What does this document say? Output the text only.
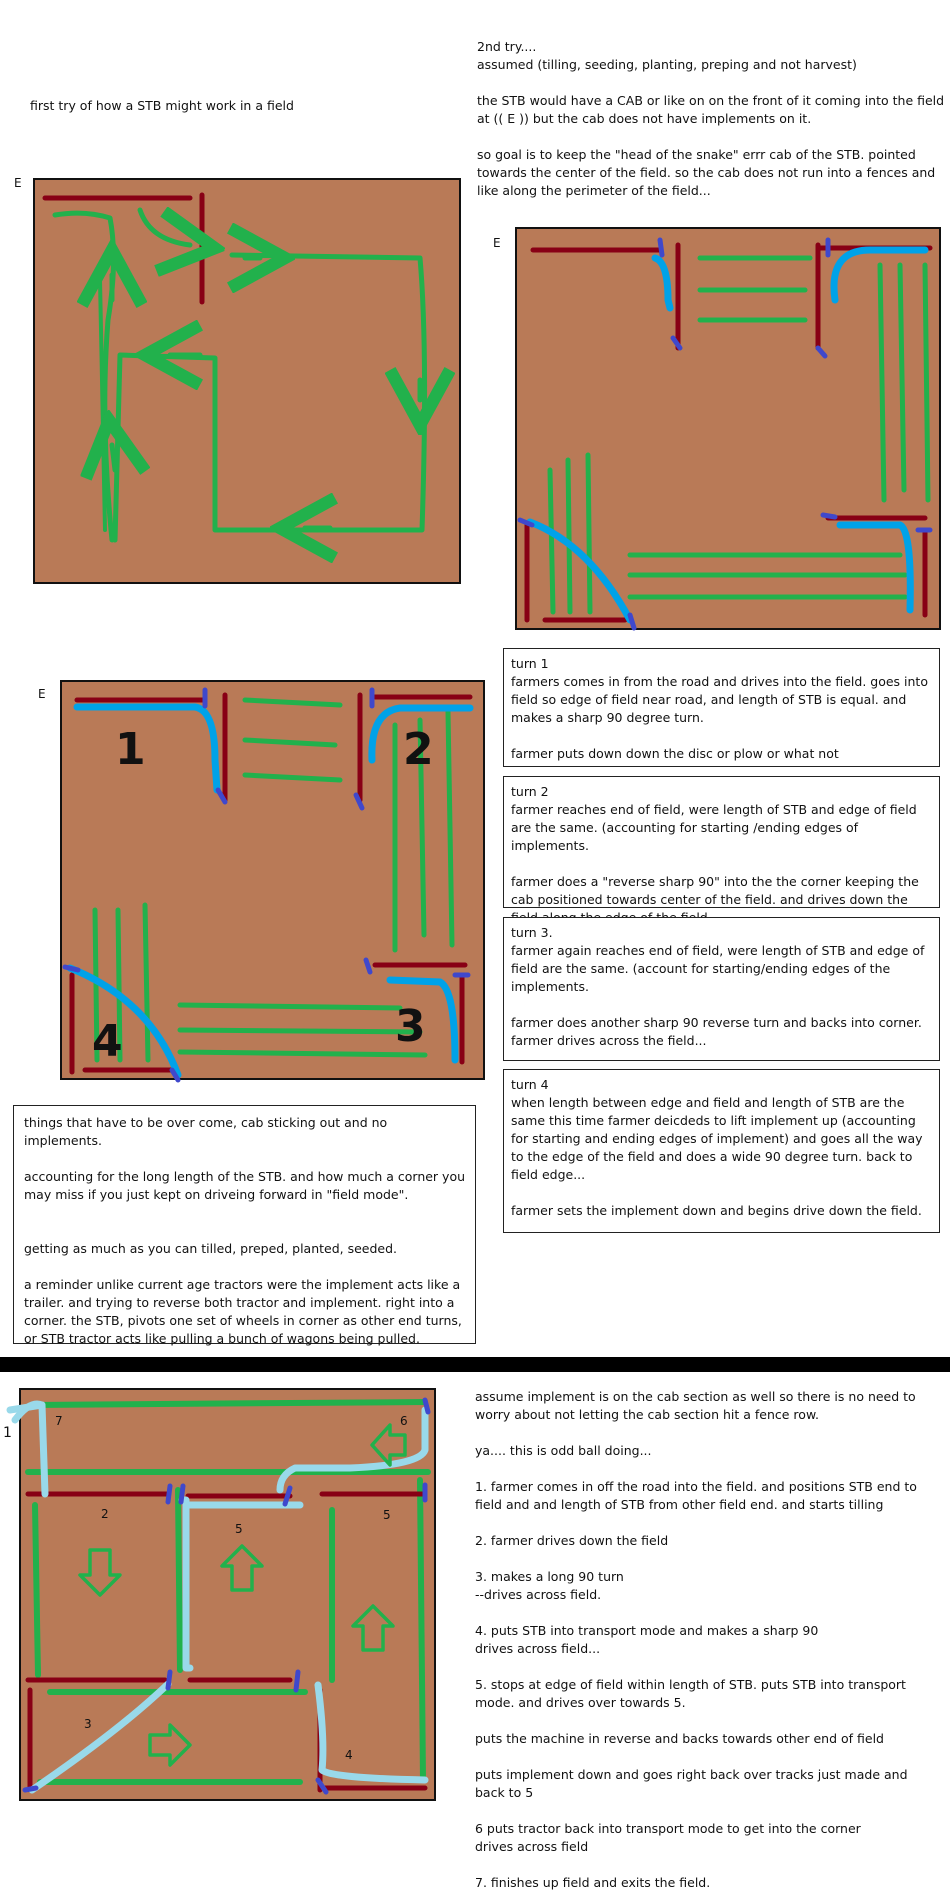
first try of how a STB might work in a field
E
2nd try....
assumed (tilling, seeding, planting, preping and not harvest)
the STB would have a CAB or like on on the front of it coming into the field at (( E )) but the cab does not have implements on it.
so goal is to keep the "head of the snake" errr cab of the STB. pointed towards the center of the field. so the cab does not run into a fences and like along the perimeter of the field...
E
E
turn 1
farmers comes in from the road and drives into the field. goes into field so edge of field near road, and length of STB is equal. and makes a sharp 90 degree turn.

farmer puts down down the disc or plow or what not
turn 2
farmer reaches end of field, were length of STB and edge of field are the same. (accounting for starting /ending edges of implements.

farmer does a "reverse sharp 90" into the the corner keeping the cab positioned towards center of the field. and drives down the
turn 3.
farmer again reaches end of field, were length of STB and edge of field are the same. (account for starting/ending edges of the implements.

farmer does another sharp 90 reverse turn and backs into corner.
farmer drives across the field...
turn 4
when length between edge and field and length of STB are the same this time farmer deicdeds to lift implement up (accounting for starting and ending edges of implement) and goes all the way to the edge of the field and does a wide 90 degree turn. back to field edge...

farmer sets the implement down and begins drive down the field.
things that have to be over come, cab sticking out and no implements.

accounting for the long length of the STB. and how much a corner you may miss if you just kept on driveing forward in "field mode".

getting as much as you can tilled, preped, planted, seeded.

a reminder unlike current age tractors were the implement acts like a trailer. and trying to reverse both tractor and implement. right into a corner. the STB, pivots one set of wheels in corner as other end turns, or STB tractor acts like pulling a bunch of wagons being pulled.
assume implement is on the cab section as well so there is no need to worry about not letting the cab section hit a fence row.

ya.... this is odd ball doing...

1. farmer comes in off the road into the field. and positions STB end to field and and length of STB from other field end. and starts tilling

2. farmer drives down the field

3. makes a long 90 turn
--drives across field.

4. puts STB into transport mode and makes a sharp 90
drives across field...

5. stops at edge of field within length of STB. puts STB into transport mode. and drives over towards 5.

puts the machine in reverse and backs towards other end of field

puts implement down and goes right back over tracks just made and back to 5

6 puts tractor back into transport mode to get into the corner
drives across field

7. finishes up field and exits the field.
1	2
3
4
1
7	6
2
5
5
3
4
